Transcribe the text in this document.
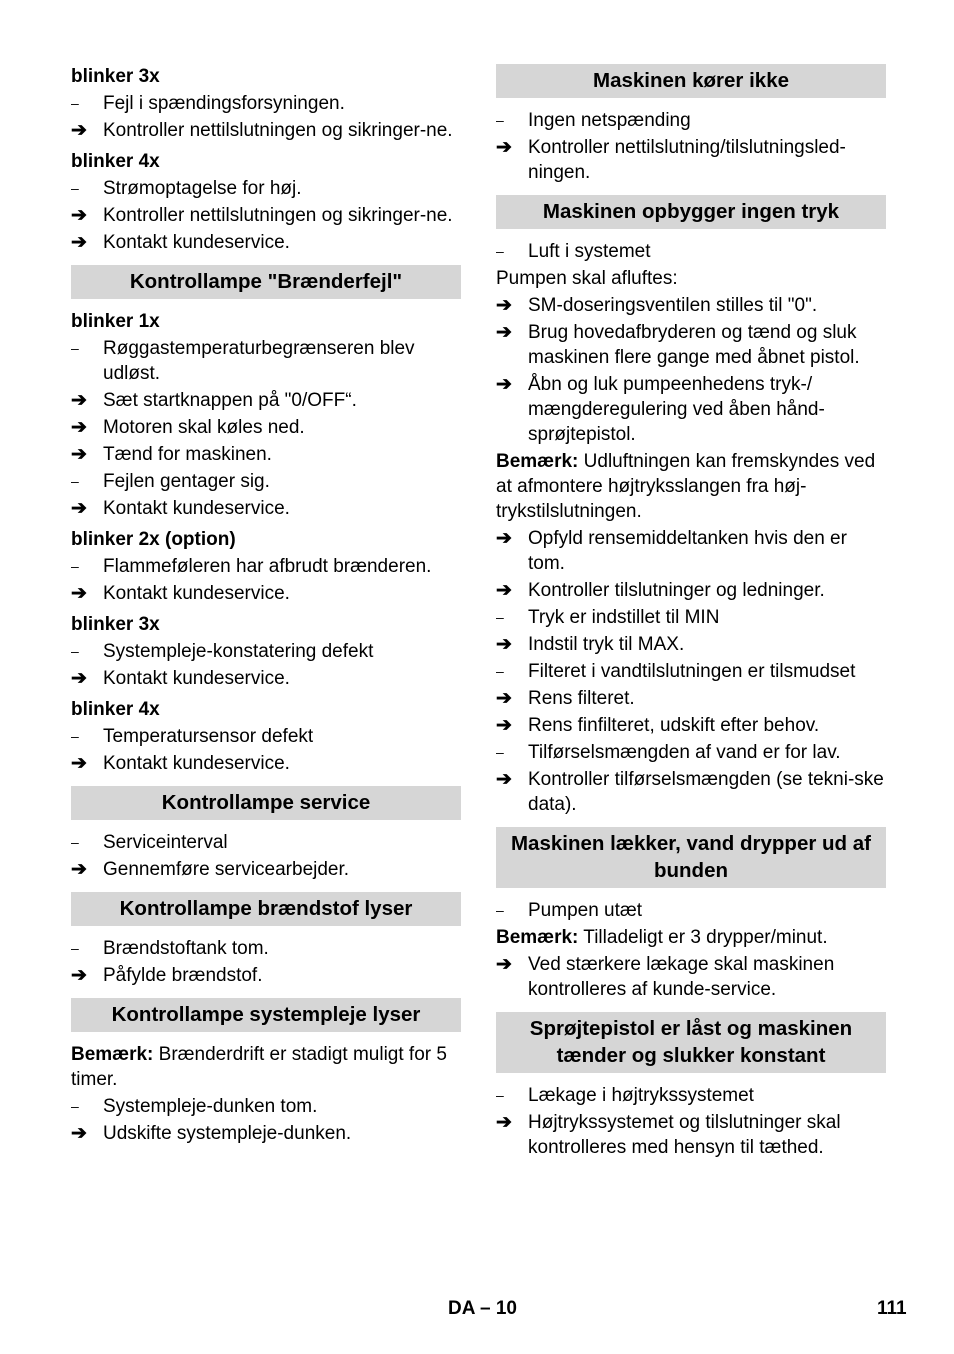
blinker 3x
–	Fejl i spændingsforsyningen.
➔ Kontroller nettilslutningen og sikringer-ne.
blinker 4x
–	Strømoptagelse for høj.
➔ Kontroller nettilslutningen og sikringer-ne.
➔ Kontakt kundeservice.
Kontrollampe "Brænderfejl"
blinker 1x
–	Røggastemperaturbegrænseren blev udløst.
➔ Sæt startknappen på "0/OFF“.
➔ Motoren skal køles ned.
➔ Tænd for maskinen.
–	Fejlen gentager sig.
➔ Kontakt kundeservice.
blinker 2x (option)
–	Flammeføleren har afbrudt brænderen.
➔ Kontakt kundeservice.
blinker 3x
–	Systempleje-konstatering defekt
➔ Kontakt kundeservice.
blinker 4x
–	Temperatursensor defekt
➔ Kontakt kundeservice.
Kontrollampe service
–	Serviceinterval
➔ Gennemføre servicearbejder.
Kontrollampe brændstof lyser
–	Brændstoftank tom.
➔ Påfylde brændstof.
Kontrollampe systempleje lyser
Bemærk: Brænderdrift er stadigt muligt for 5 timer.
–	Systempleje-dunken tom.
➔ Udskifte systempleje-dunken.
Maskinen kører ikke
–	Ingen netspænding
➔ Kontroller nettilslutning/tilslutningsled-ningen.
Maskinen opbygger ingen tryk
–	Luft i systemet
Pumpen skal afluftes:
➔ SM-doseringsventilen stilles til "0".
➔ Brug hovedafbryderen og tænd og sluk maskinen flere gange med åbnet pistol.
➔ Åbn og luk pumpeenhedens tryk-/ mængderegulering ved åben hånd-sprøjtepistol.
Bemærk: Udluftningen kan fremskyndes ved at afmontere højtryksslangen fra høj-trykstilslutningen.
➔ Opfyld rensemiddeltanken hvis den er tom.
➔ Kontroller tilslutninger og ledninger.
–	Tryk er indstillet til MIN
➔ Indstil tryk til MAX.
–	Filteret i vandtilslutningen er tilsmudset
➔ Rens filteret.
➔ Rens finfilteret, udskift efter behov.
–	Tilførselsmængden af vand er for lav.
➔ Kontroller tilførselsmængden (se tekni-ske data).
Maskinen lækker, vand drypper ud af bunden
–	Pumpen utæt
Bemærk: Tilladeligt er 3 drypper/minut.
➔ Ved stærkere lækage skal maskinen kontrolleres af kunde-service.
Sprøjtepistol er låst og maskinen tænder og slukker konstant
–	Lækage i højtrykssystemet
➔ Højtrykssystemet og tilslutninger skal kontrolleres med hensyn til tæthed.
DA – 10	111
